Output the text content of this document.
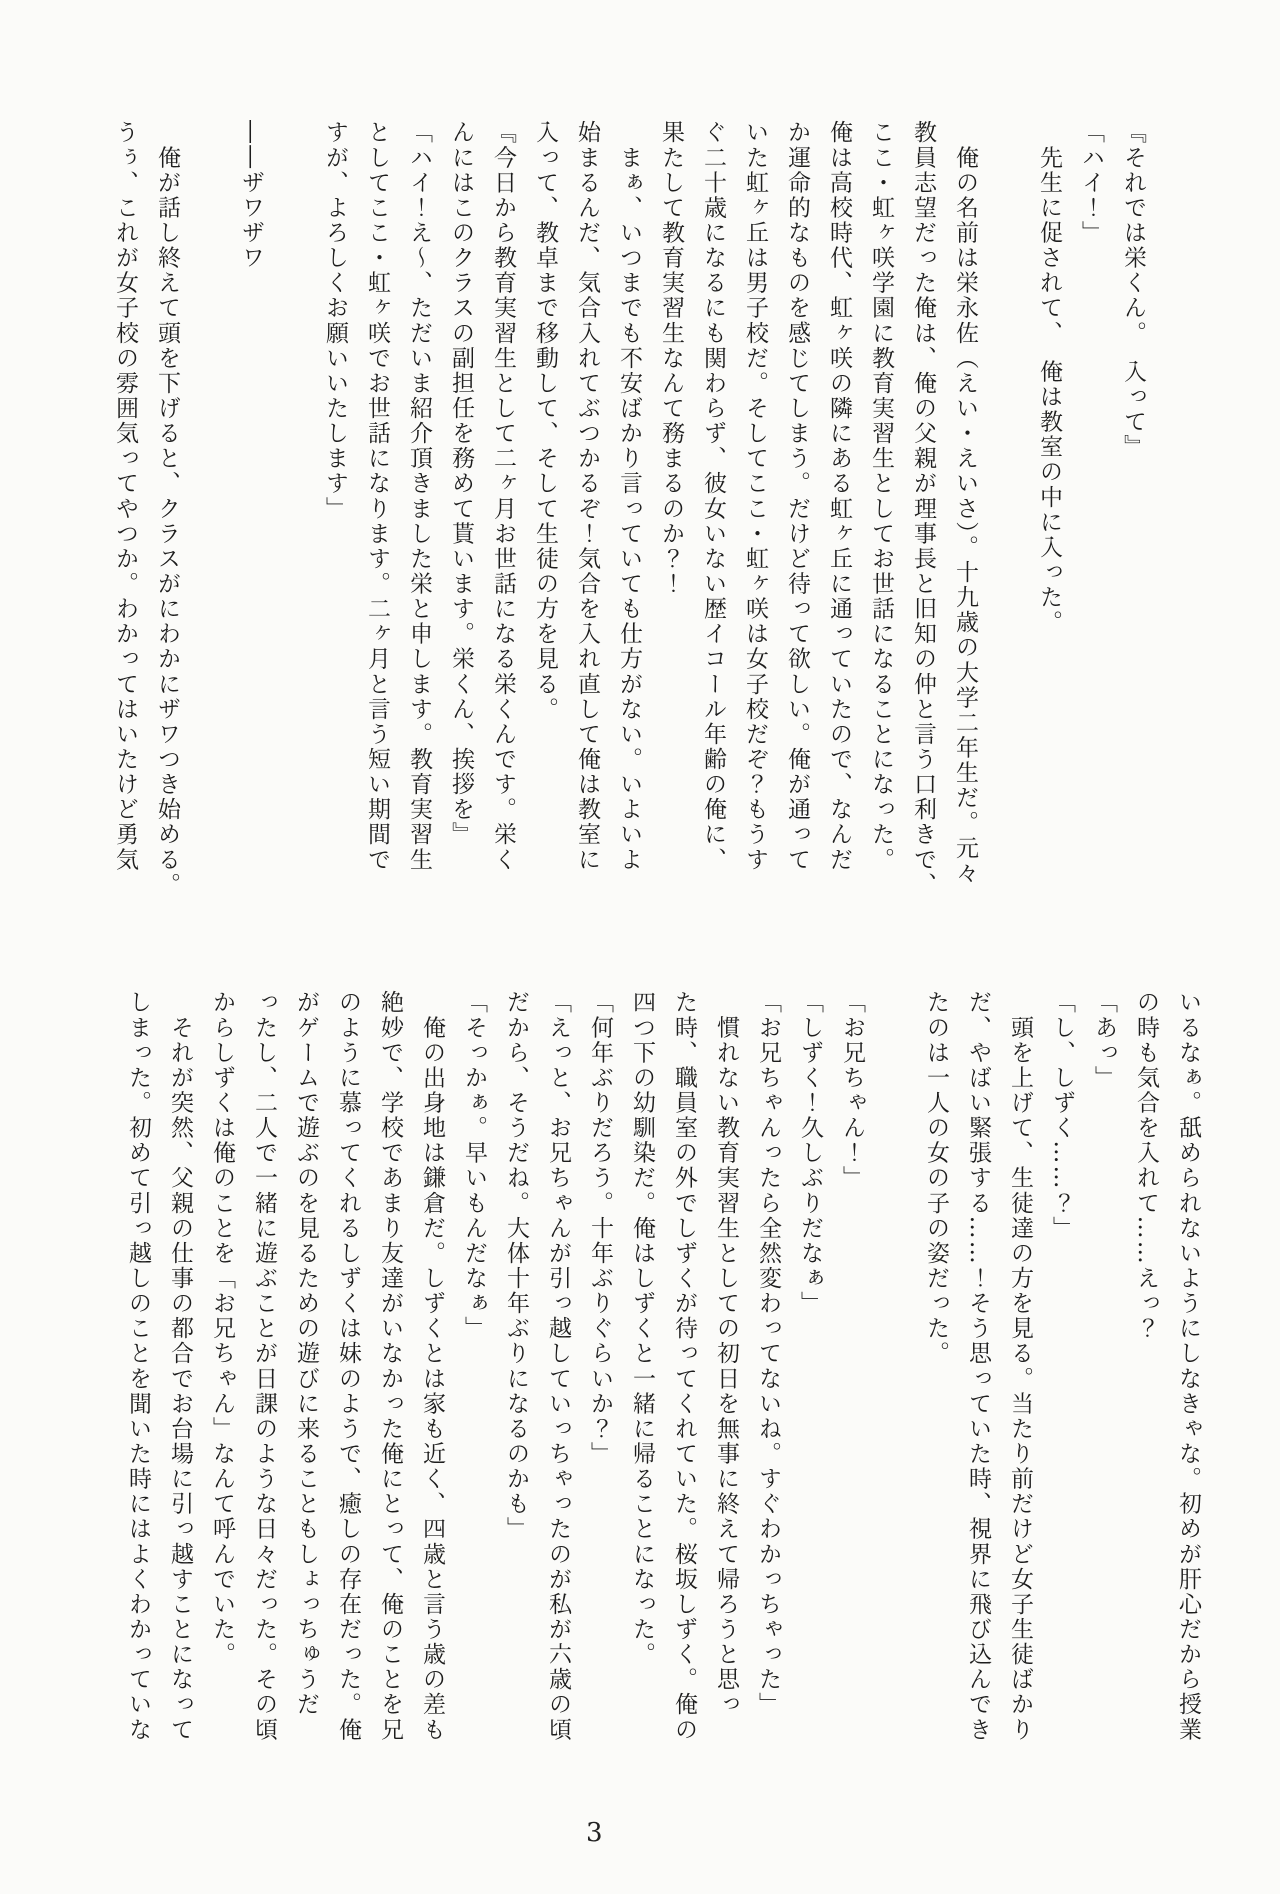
『それでは栄くん。　入って』
「ハイ！」
　先生に促されて、　俺は教室の中に入った。
　俺の名前は栄永佐（えい・えいさ）。十九歳の大学二年生だ。元々
教員志望だった俺は、俺の父親が理事長と旧知の仲と言う口利きで、
ここ・虹ヶ咲学園に教育実習生としてお世話になることになった。
俺は高校時代、虹ヶ咲の隣にある虹ヶ丘に通っていたので、なんだ
か運命的なものを感じてしまう。だけど待って欲しい。俺が通って
いた虹ヶ丘は男子校だ。そしてここ・虹ヶ咲は女子校だぞ？もうす
ぐ二十歳になるにも関わらず、彼女いない歴イコール年齢の俺に、
果たして教育実習生なんて務まるのか？！
　まぁ、いつまでも不安ばかり言っていても仕方がない。いよいよ
始まるんだ、気合入れてぶつかるぞ！気合を入れ直して俺は教室に
入って、教卓まで移動して、そして生徒の方を見る。
『今日から教育実習生として二ヶ月お世話になる栄くんです。栄く
んにはこのクラスの副担任を務めて貰います。栄くん、挨拶を』
「ハイ！え〜、ただいま紹介頂きました栄と申します。教育実習生
としてここ・虹ヶ咲でお世話になります。二ヶ月と言う短い期間で
すが、よろしくお願いいたします」
――ザワザワ
　俺が話し終えて頭を下げると、クラスがにわかにザワつき始める。
うぅ、これが女子校の雰囲気ってやつか。わかってはいたけど勇気
いるなぁ。舐められないようにしなきゃな。初めが肝心だから授業
の時も気合を入れて……えっ？
「あっ」
「し、しずく……？」
　頭を上げて、生徒達の方を見る。当たり前だけど女子生徒ばかり
だ、やばい緊張する……！そう思っていた時、視界に飛び込んでき
たのは一人の女の子の姿だった。
「お兄ちゃん！」
「しずく！久しぶりだなぁ」
「お兄ちゃんったら全然変わってないね。すぐわかっちゃった」
　慣れない教育実習生としての初日を無事に終えて帰ろうと思っ
た時、職員室の外でしずくが待ってくれていた。桜坂しずく。俺の
四つ下の幼馴染だ。俺はしずくと一緒に帰ることになった。
「何年ぶりだろう。十年ぶりぐらいか？」
「えっと、お兄ちゃんが引っ越していっちゃったのが私が六歳の頃
だから、そうだね。大体十年ぶりになるのかも」
「そっかぁ。早いもんだなぁ」
　俺の出身地は鎌倉だ。しずくとは家も近く、四歳と言う歳の差も
絶妙で、学校であまり友達がいなかった俺にとって、俺のことを兄
のように慕ってくれるしずくは妹のようで、癒しの存在だった。俺
がゲームで遊ぶのを見るための遊びに来ることもしょっちゅうだ
ったし、二人で一緒に遊ぶことが日課のような日々だった。その頃
からしずくは俺のことを「お兄ちゃん」なんて呼んでいた。
　それが突然、父親の仕事の都合でお台場に引っ越すことになって
しまった。初めて引っ越しのことを聞いた時にはよくわかっていな
3
